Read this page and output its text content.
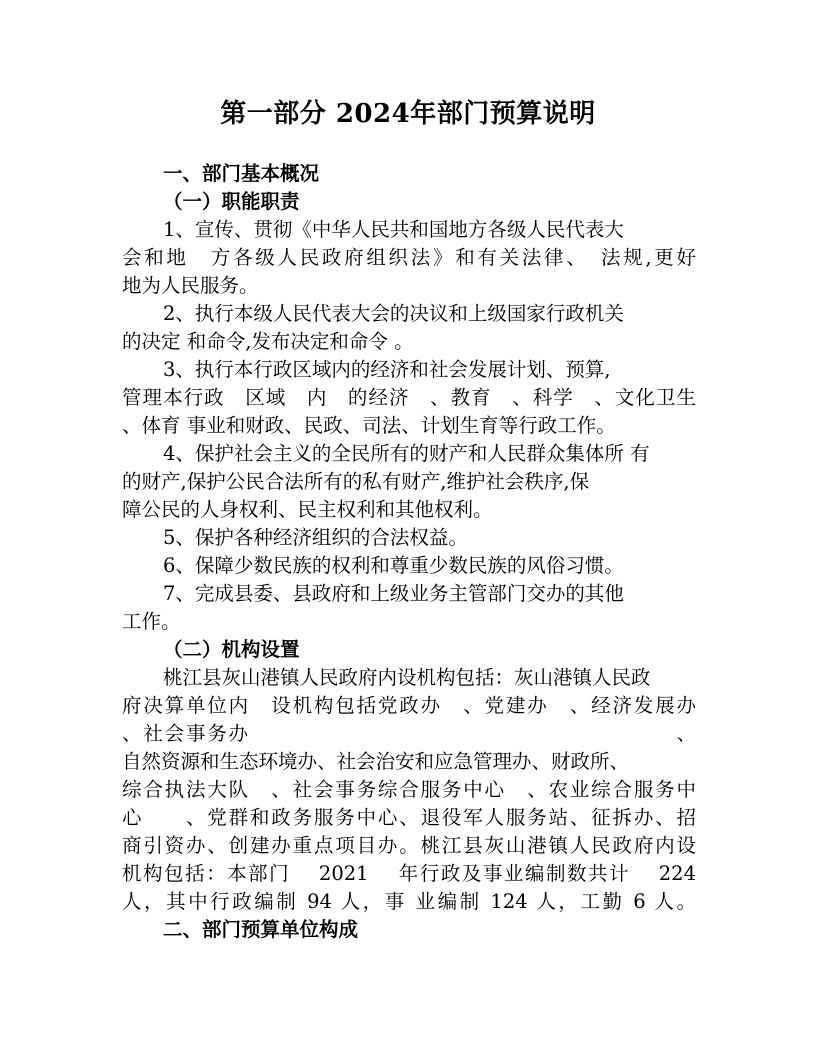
第一部分 2024年部门预算说明

一、部门基本概况

（一）职能职责

1、宣传、贯彻《中华人民共和国地方各级人民代表大

会和地　方各级人民政府组织法》和有关法律、　法规,更好

地为人民服务。

2、执行本级人民代表大会的决议和上级国家行政机关

的决定 和命令,发布决定和命令 。

3、执行本行政区域内的经济和社会发展计划、预算,

管理本行政　区域　内　的经济　、教育　、科学　、文化卫生

、体育 事业和财政、民政、司法、计划生育等行政工作。

4、保护社会主义的全民所有的财产和人民群众集体所 有

的财产,保护公民合法所有的私有财产,维护社会秩序,保

障公民的人身权利、民主权利和其他权利。

5、保护各种经济组织的合法权益。

6、保障少数民族的权利和尊重少数民族的风俗习惯。

7、完成县委、县政府和上级业务主管部门交办的其他

工作。

（二）机构设置

桃江县灰山港镇人民政府内设机构包括：灰山港镇人民政

府决算单位内　设机构包括党政办　、党建办　、经济发展办

、社会事务办　　　　　　　　　　　　　　　　　　　　、

自然资源和生态环境办、社会治安和应急管理办、财政所、

综合执法大队　、社会事务综合服务中心　、农业综合服务中

心　　、党群和政务服务中心、退役军人服务站、征拆办、招

商引资办、创建办重点项目办。桃江县灰山港镇人民政府内设

机构包括：本部门　 2021　 年行政及事业编制数共计　 224

人，其中行政编制 94 人，事 业编制 124 人，工勤 6 人。

二、部门预算单位构成
